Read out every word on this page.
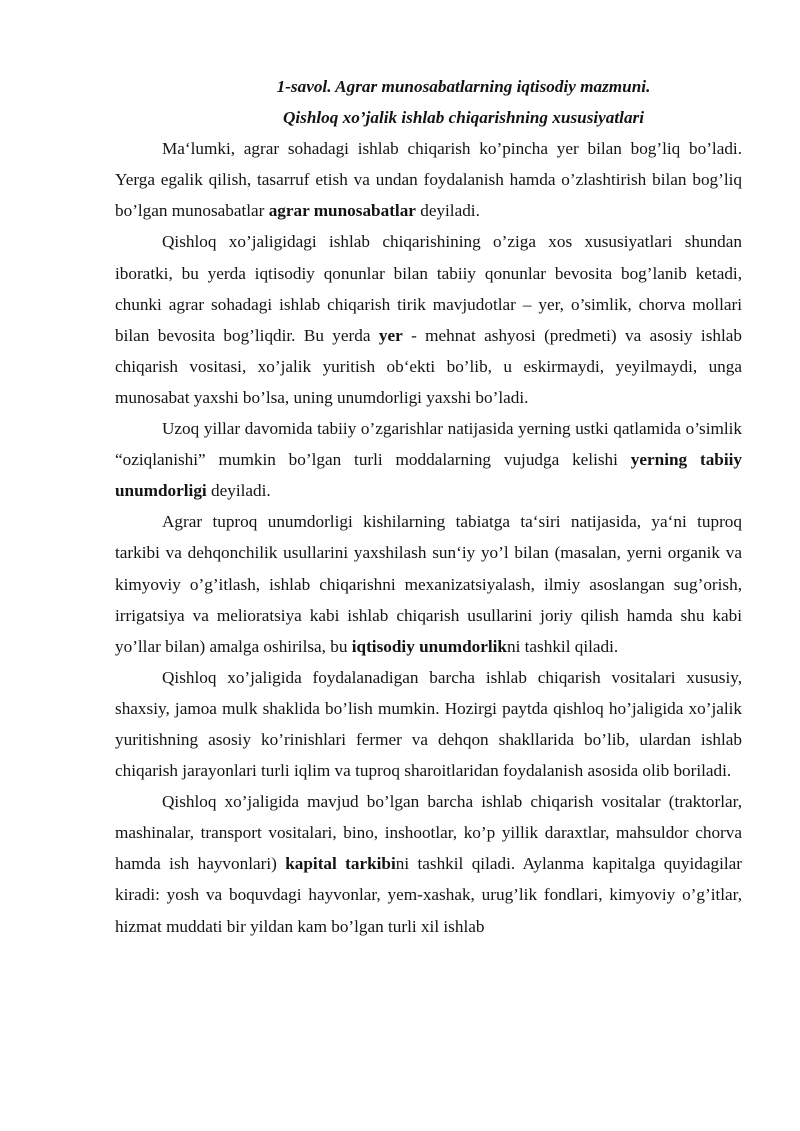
1-savol. Agrar munosabatlarning iqtisodiy mazmuni.

Qishloq xo’jalik ishlab chiqarishning xususiyatlari

Ma‘lumki, agrar sohadagi ishlab chiqarish ko’pincha yer bilan bog’liq bo’ladi. Yerga egalik qilish, tasarruf etish va undan foydalanish hamda o’zlashtirish bilan bog’liq bo’lgan munosabatlar agrar munosabatlar deyiladi.

Qishloq xo’jaligidagi ishlab chiqarishining o’ziga xos xususiyatlari shundan iboratki, bu yerda iqtisodiy qonunlar bilan tabiiy qonunlar bevosita bog’lanib ketadi, chunki agrar sohadagi ishlab chiqarish tirik mavjudotlar – yer, o’simlik, chorva mollari bilan bevosita bog’liqdir. Bu yerda yer - mehnat ashyosi (predmeti) va asosiy ishlab chiqarish vositasi, xo’jalik yuritish ob‘ekti bo’lib, u eskirmaydi, yeyilmaydi, unga munosabat yaxshi bo’lsa, uning unumdorligi yaxshi bo’ladi.

Uzoq yillar davomida tabiiy o’zgarishlar natijasida yerning ustki qatlamida o’simlik “oziqlanishi” mumkin bo’lgan turli moddalarning vujudga kelishi yerning tabiiy unumdorligi deyiladi.

Agrar tuproq unumdorligi kishilarning tabiatga ta‘siri natijasida, ya‘ni tuproq tarkibi va dehqonchilik usullarini yaxshilash sun‘iy yo’l bilan (masalan, yerni organik va kimyoviy o’g’itlash, ishlab chiqarishni mexanizatsiyalash, ilmiy asoslangan sug’orish, irrigatsiya va melioratsiya kabi ishlab chiqarish usullarini joriy qilish hamda shu kabi yo’llar bilan) amalga oshirilsa, bu iqtisodiy unumdorlikni tashkil qiladi.

Qishloq xo’jaligida foydalanadigan barcha ishlab chiqarish vositalari xususiy, shaxsiy, jamoa mulk shaklida bo’lish mumkin. Hozirgi paytda qishloq ho’jaligida xo’jalik yuritishning asosiy ko’rinishlari fermer va dehqon shakllarida bo’lib, ulardan ishlab chiqarish jarayonlari turli iqlim va tuproq sharoitlaridan foydalanish asosida olib boriladi.

Qishloq xo’jaligida mavjud bo’lgan barcha ishlab chiqarish vositalar (traktorlar, mashinalar, transport vositalari, bino, inshootlar, ko’p yillik daraxtlar, mahsuldor chorva hamda ish hayvonlari) kapital tarkibini tashkil qiladi. Aylanma kapitalga quyidagilar kiradi: yosh va boquvdagi hayvonlar, yem-xashak, urug’lik fondlari, kimyoviy o’g’itlar, hizmat muddati bir yildan kam bo’lgan turli xil ishlab
